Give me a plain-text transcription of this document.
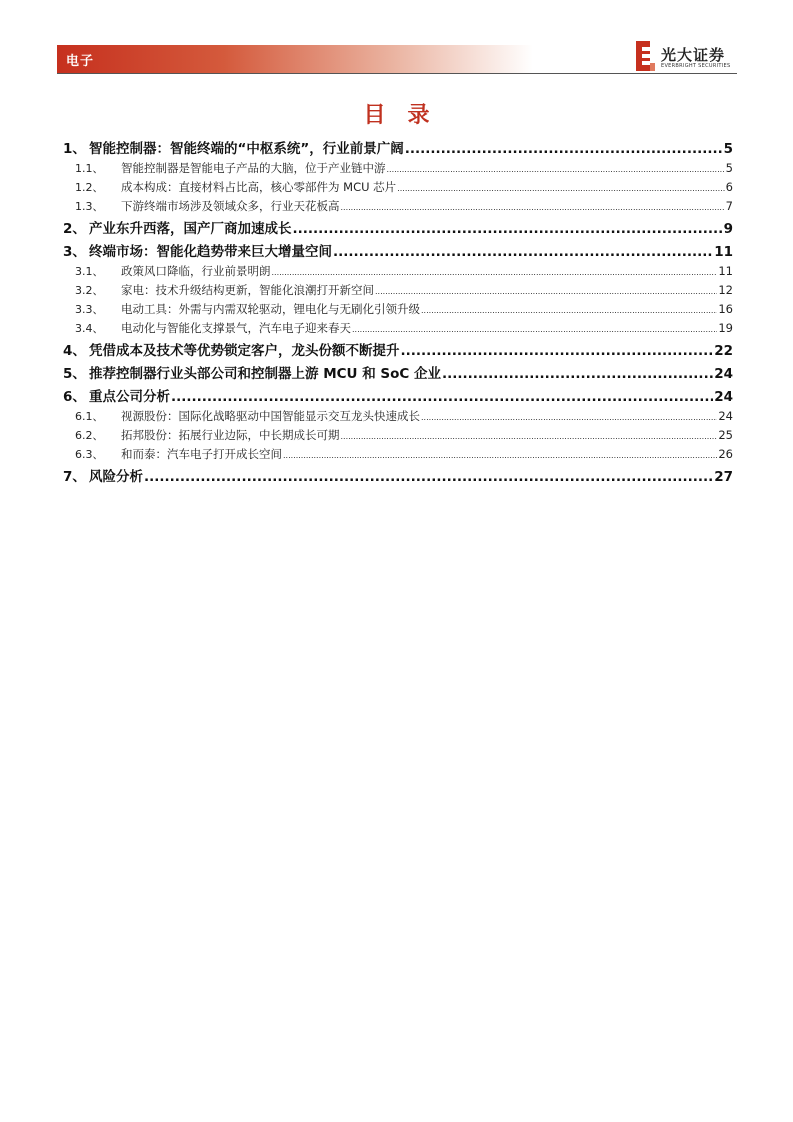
电子	光大证券
EVERBRIGHT SECURITIES
目录
1、 智能控制器：智能终端的“中枢系统”，行业前景广阔 .....	5
1.1、	智能控制器是智能电子产品的大脑，位于产业链中游 .....	5
1.2、	成本构成：直接材料占比高，核心零部件为 MCU 芯片 .....	6
1.3、	下游终端市场涉及领域众多，行业天花板高 .....	7
2、 产业东升西落，国产厂商加速成长 .....	9
3、 终端市场：智能化趋势带来巨大增量空间 .....	11
3.1、	政策风口降临，行业前景明朗 .....	11
3.2、	家电：技术升级结构更新，智能化浪潮打开新空间 .....	12
3.3、	电动工具：外需与内需双轮驱动，锂电化与无刷化引领升级 .....	16
3.4、	电动化与智能化支撑景气，汽车电子迎来春天 .....	19
4、 凭借成本及技术等优势锁定客户，龙头份额不断提升 .....	22
5、 推荐控制器行业头部公司和控制器上游 MCU 和 SoC 企业 .....	24
6、 重点公司分析 .....	24
6.1、	视源股份：国际化战略驱动中国智能显示交互龙头快速成长 .....	24
6.2、	拓邦股份：拓展行业边际，中长期成长可期 .....	25
6.3、	和而泰：汽车电子打开成长空间 .....	26
7、 风险分析 .....	27
